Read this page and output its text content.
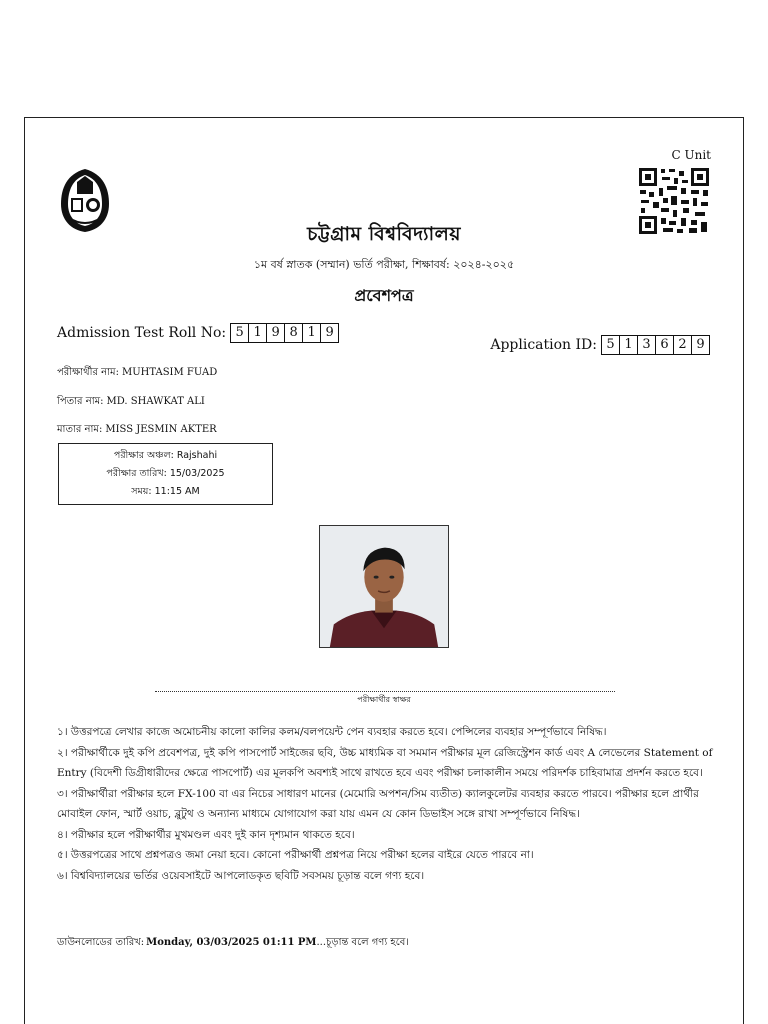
C Unit
চট্টগ্রাম বিশ্ববিদ্যালয়
১ম বর্ষ স্নাতক (সম্মান) ভর্তি পরীক্ষা, শিক্ষাবর্ষ: ২০২৪-২০২৫
প্রবেশপত্র
Admission Test Roll No: 5 1 9 8 1 9
Application ID: 5 1 3 6 2 9
পরীক্ষার্থীর নাম: MUHTASIM FUAD
পিতার নাম: MD. SHAWKAT ALI
মাতার নাম: MISS JESMIN AKTER
পরীক্ষার অঞ্চল: Rajshahi
পরীক্ষার তারিখ: 15/03/2025
সময়: 11:15 AM
পরীক্ষার্থীর স্বাক্ষর

১। উত্তরপত্রে লেখার কাজে অমোচনীয় কালো কালির কলম/বলপয়েন্ট পেন ব্যবহার করতে হবে। পেন্সিলের ব্যবহার সম্পূর্ণভাবে নিষিদ্ধ।

২। পরীক্ষার্থীকে দুই কপি প্রবেশপত্র, দুই কপি পাসপোর্ট সাইজের ছবি, উচ্চ মাধ্যমিক বা সমমান পরীক্ষার মূল রেজিস্ট্রেশন কার্ড এবং A লেভেলের Statement of Entry (বিদেশী ডিগ্রীধারীদের ক্ষেত্রে পাসপোর্ট) এর মূলকপি অবশ্যই সাথে রাখতে হবে এবং পরীক্ষা চলাকালীন সময়ে পরিদর্শক চাহিবামাত্র প্রদর্শন করতে হবে।

৩। পরীক্ষার্থীরা পরীক্ষার হলে FX-100 বা এর নিচের সাধারণ মানের (মেমোরি অপশন/সিম ব্যতীত) ক্যালকুলেটর ব্যবহার করতে পারবে। পরীক্ষার হলে প্রার্থীর মোবাইল ফোন, স্মার্ট ওয়াচ, ব্লুটুথ ও অন্যান্য মাধ্যমে যোগাযোগ করা যায় এমন যে কোন ডিভাইস সঙ্গে রাখা সম্পূর্ণভাবে নিষিদ্ধ।

৪। পরীক্ষার হলে পরীক্ষার্থীর মুখমণ্ডল এবং দুই কান দৃশ্যমান থাকতে হবে।

৫। উত্তরপত্রের সাথে প্রশ্নপত্রও জমা নেয়া হবে। কোনো পরীক্ষার্থী প্রশ্নপত্র নিয়ে পরীক্ষা হলের বাইরে যেতে পারবে না।

৬। বিশ্ববিদ্যালয়ের ভর্তির ওয়েবসাইটে আপলোডকৃত ছবিটি সবসময় চূড়ান্ত বলে গণ্য হবে।

ডাউনলোডের তারিখ: Monday, 03/03/2025 01:11 PM...চূড়ান্ত বলে গণ্য হবে।
